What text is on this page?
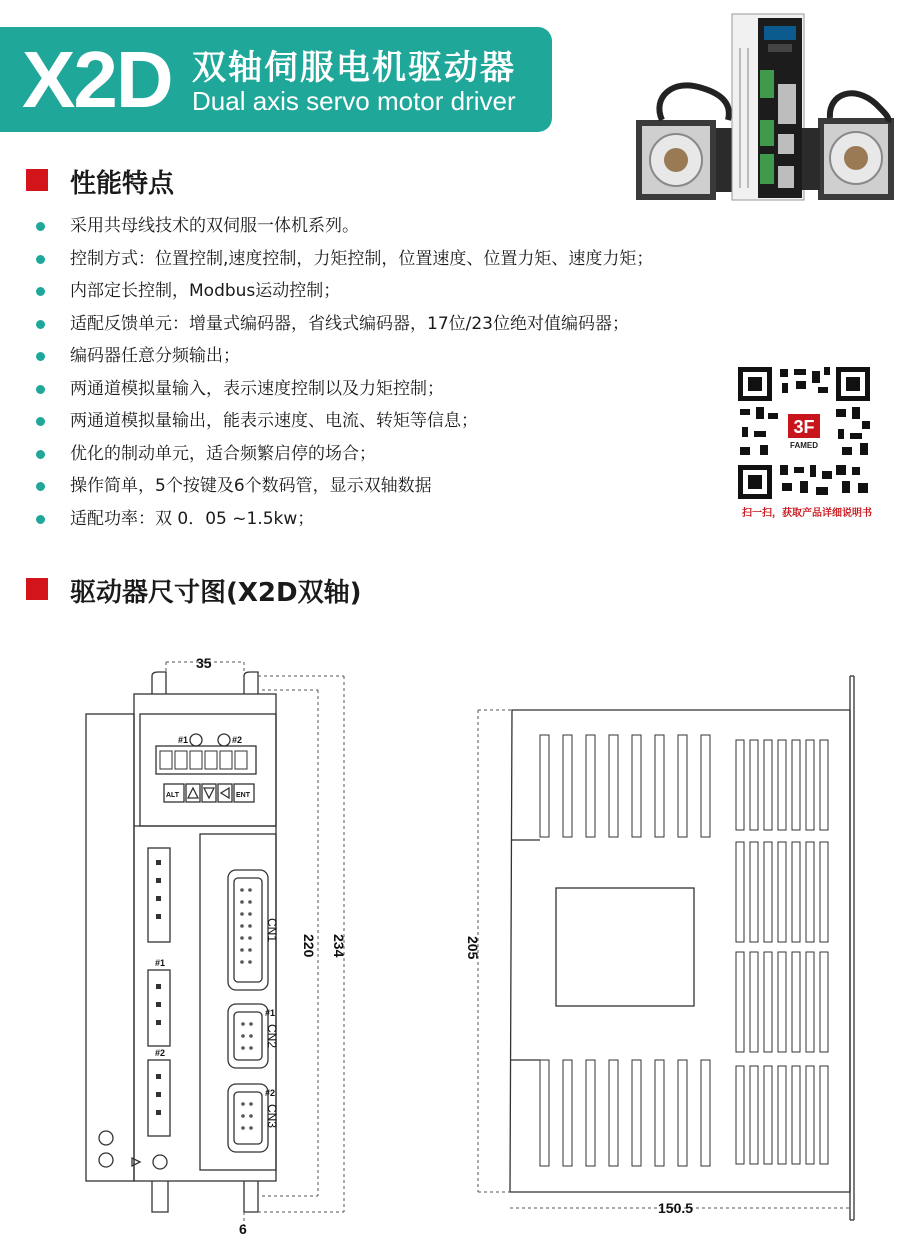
X2D 双轴伺服电机驱动器
Dual axis servo motor driver
性能特点
采用共母线技术的双伺服一体机系列。
控制方式：位置控制,速度控制，力矩控制，位置速度、位置力矩、速度力矩；
内部定长控制，Modbus运动控制；
适配反馈单元：增量式编码器，省线式编码器，17位/23位绝对值编码器；
编码器任意分频输出；
两通道模拟量输入，表示速度控制以及力矩控制；
两通道模拟量输出，能表示速度、电流、转矩等信息；
优化的制动单元，适合频繁启停的场合；
操作简单，5个按键及6个数码管，显示双轴数据
适配功率：双 0．05 ~1.5kw；
3F
FAMED
扫一扫，获取产品详细说明书
驱动器尺寸图(X2D双轴)
#1	#2
ALT	ENT
#1
#2
#1
#2
CN1
CN2
CN3
35
220 234
6
205
150.5
